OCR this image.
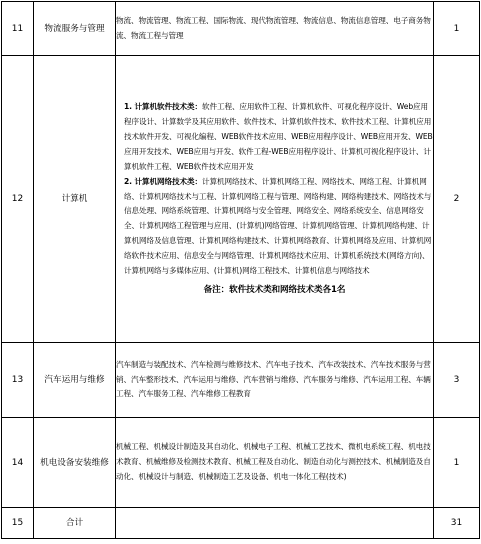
11	物流服务与管理	物流、物流管理、物流工程、国际物流、现代物流管理、物流信息、物流信息管理、电子商务物流、物流工程与管理	1
12	计算机	1. 计算机软件技术类：软件工程、应用软件工程、计算机软件、可视化程序设计、Web应用程序设计、计算数学及其应用软件、软件技术、计算机软件技术、软件技术工程、计算机应用技术软件开发、可视化编程、WEB软件技术应用、WEB应用程序设计、WEB应用开发、WEB应用开发技术、WEB应用与开发、软件工程-WEB应用程序设计、计算机可视化程序设计、计算机软件工程、WEB软件技术应用开发
2. 计算机网络技术类：计算机网络技术、计算机网络工程、网络技术、网络工程、计算机网络、计算机网络技术与工程、计算机网络工程与管理、网络构建、网络构建技术、网络技术与信息处理、网络系统管理、计算机网络与安全管理、网络安全、网络系统安全、信息网络安全、计算机网络工程管理与应用、(计算机)网络管理、计算机网络管理、计算机网络构建、计算机网络及信息管理、计算机网络构建技术、计算机网络教育、计算机网络及应用、计算机网络软件技术应用、信息安全与网络管理、计算机网络技术应用、计算机系统技术(网络方向)、计算机网络与多媒体应用、(计算机)网络工程技术、计算机信息与网络技术
备注：软件技术类和网络技术类各1名	2
13	汽车运用与维修	汽车制造与装配技术、汽车检测与维修技术、汽车电子技术、汽车改装技术、汽车技术服务与营销、汽车整形技术、汽车运用与维修、汽车营销与维修、汽车服务与维修、汽车运用工程、车辆工程、汽车服务工程、汽车维修工程教育	3
14	机电设备安装维修	机械工程、机械设计制造及其自动化、机械电子工程、机械工艺技术、微机电系统工程、机电技术教育、机械维修及检测技术教育、机械工程及自动化、制造自动化与测控技术、机械制造及自动化、机械设计与制造、机械制造工艺及设备、机电一体化工程(技术)	1
15	合计		31
